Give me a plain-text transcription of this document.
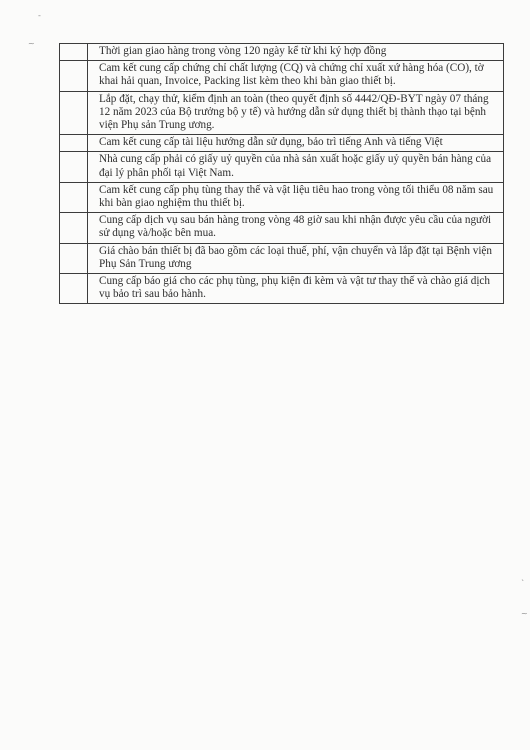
-
~
`
~
	Thời gian giao hàng trong vòng 120 ngày kể từ khi ký hợp đồng
	Cam kết cung cấp chứng chỉ chất lượng (CQ) và chứng chỉ xuất xứ hàng hóa (CO), tờ khai hải quan, Invoice, Packing list kèm theo khi bàn giao thiết bị.
	Lắp đặt, chạy thử, kiểm định an toàn (theo quyết định số 4442/QĐ-BYT ngày 07 tháng 12 năm 2023 của Bộ trưởng bộ y tế) và hướng dẫn sử dụng thiết bị thành thạo tại bệnh viện Phụ sản Trung ương.
	Cam kết cung cấp tài liệu hướng dẫn sử dụng, bảo trì tiếng Anh và tiếng Việt
	Nhà cung cấp phải có giấy uỷ quyền của nhà sản xuất hoặc giấy uỷ quyền bán hàng của đại lý phân phối tại Việt Nam.
	Cam kết cung cấp phụ tùng thay thế và vật liệu tiêu hao trong vòng tối thiểu 08 năm sau khi bàn giao nghiệm thu thiết bị.
	Cung cấp dịch vụ sau bán hàng trong vòng 48 giờ sau khi nhận được yêu cầu của người sử dụng và/hoặc bên mua.
	Giá chào bán thiết bị đã bao gồm các loại thuế, phí, vận chuyển và lắp đặt tại Bệnh viện Phụ Sản Trung ương
	Cung cấp báo giá cho các phụ tùng, phụ kiện đi kèm và vật tư thay thế và chào giá dịch vụ bảo trì sau bảo hành.
